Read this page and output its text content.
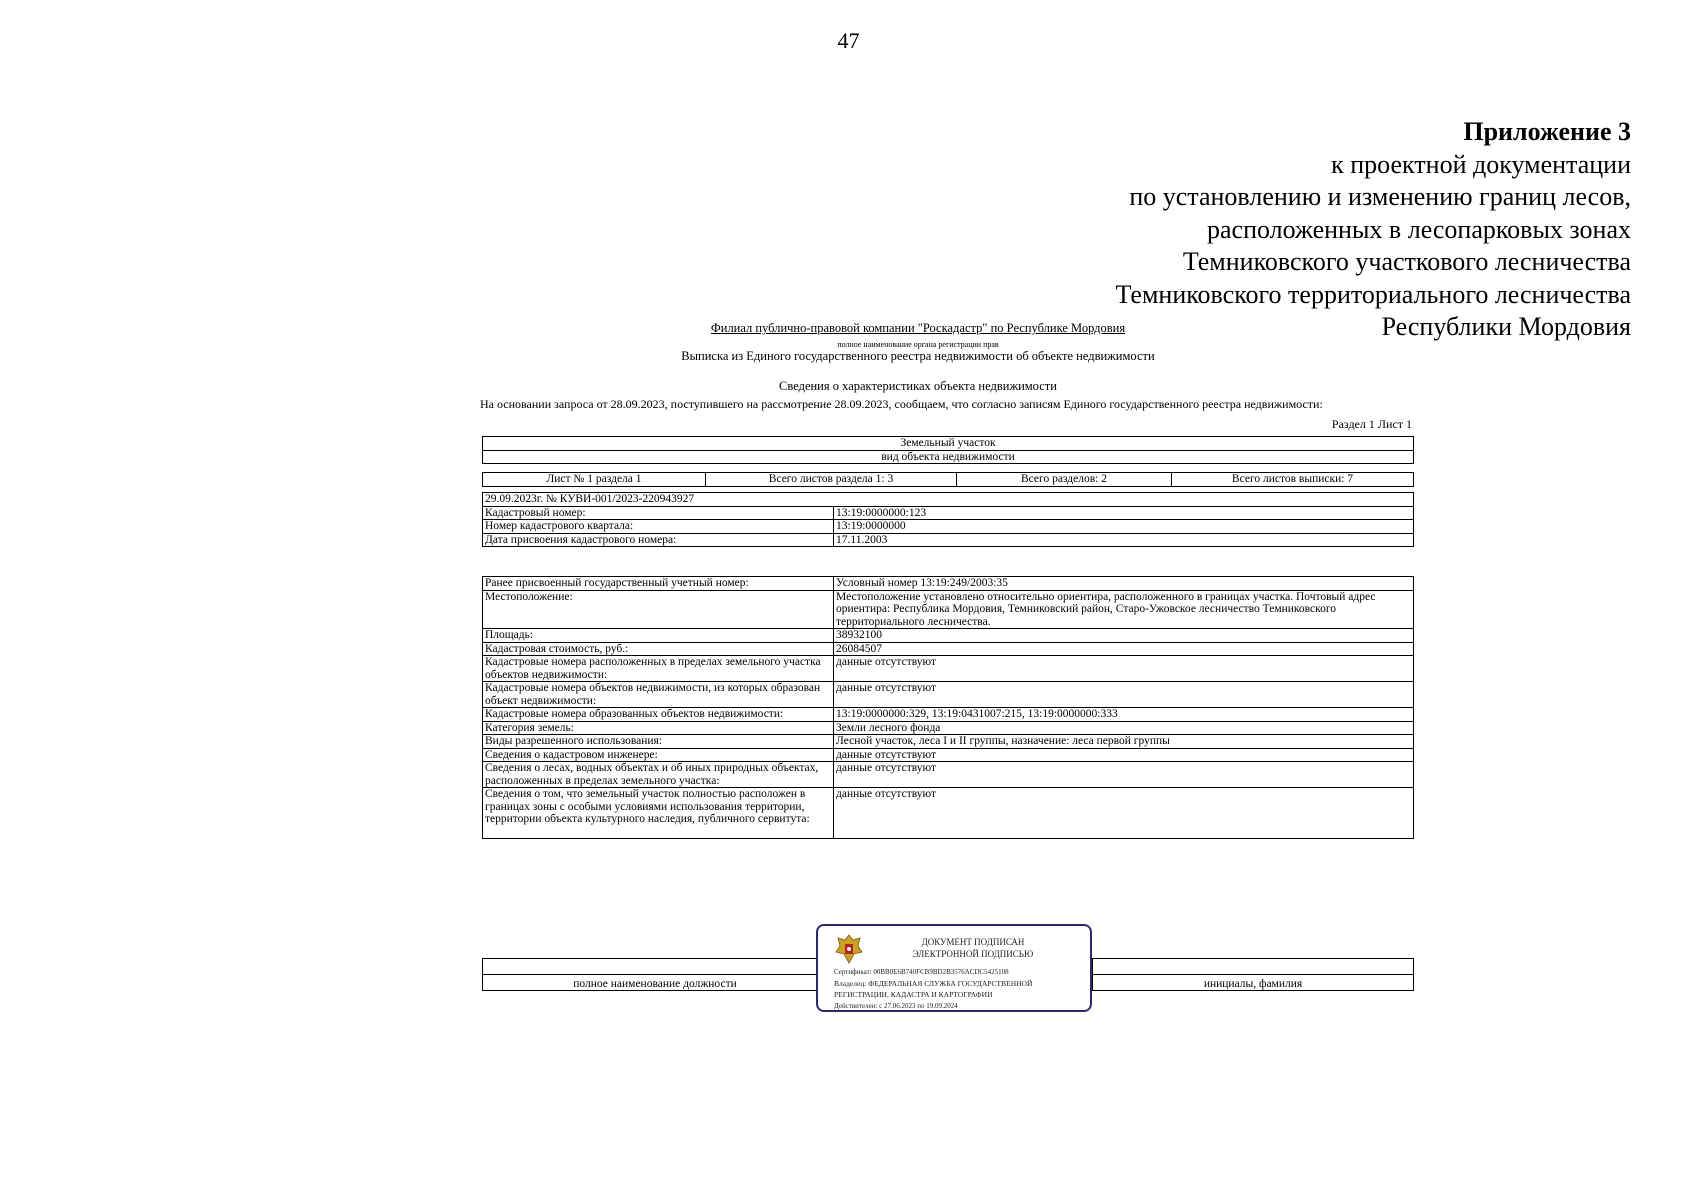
47
Приложение 3
к проектной документации
по установлению и изменению границ лесов,
расположенных в лесопарковых зонах
Темниковского участкового лесничества
Темниковского территориального лесничества
Республики Мордовия
Филиал публично-правовой компании "Роскадастр" по Республике Мордовия
полное наименование органа регистрации прав
Выписка из Единого государственного реестра недвижимости об объекте недвижимости
Сведения о характеристиках объекта недвижимости
На основании запроса от 28.09.2023, поступившего на рассмотрение 28.09.2023, сообщаем, что согласно записям Единого государственного реестра недвижимости:
Раздел 1 Лист 1
Земельный участок
вид объекта недвижимости
Лист № 1 раздела 1	Всего листов раздела 1: 3	Всего разделов: 2	Всего листов выписки: 7
29.09.2023г. № КУВИ-001/2023-220943927	
Кадастровый номер:	13:19:0000000:123
Номер кадастрового квартала:	13:19:0000000
Дата присвоения кадастрового номера:	17.11.2003
Ранее присвоенный государственный учетный номер:	Условный номер 13:19:249/2003:35
Местоположение:	Местоположение установлено относительно ориентира, расположенного в границах участка. Почтовый адрес ориентира: Республика Мордовия, Темниковский район, Старо-Ужовское лесничество Темниковского территориального лесничества.
Площадь:	38932100
Кадастровая стоимость, руб.:	26084507
Кадастровые номера расположенных в пределах земельного участка объектов недвижимости:	данные отсутствуют
Кадастровые номера объектов недвижимости, из которых образован объект недвижимости:	данные отсутствуют
Кадастровые номера образованных объектов недвижимости:	13:19:0000000:329, 13:19:0431007:215, 13:19:0000000:333
Категория земель:	Земли лесного фонда
Виды разрешенного использования:	Лесной участок, леса I и II группы, назначение: леса первой группы
Сведения о кадастровом инженере:	данные отсутствуют
Сведения о лесах, водных объектах и об иных природных объектах, расположенных в пределах земельного участка:	данные отсутствуют
Сведения о том, что земельный участок полностью расположен в границах зоны с особыми условиями использования территории, территории объекта культурного наследия, публичного сервитута:	данные отсутствуют

полное наименование должности		инициалы, фамилия
ДОКУМЕНТ ПОДПИСАН
ЭЛЕКТРОННОЙ ПОДПИСЬЮ
Сертификат: 00BB0E6B740FCB9BD2B3576ACDC5425108
Владелец: ФЕДЕРАЛЬНАЯ СЛУЖБА ГОСУДАРСТВЕННОЙ РЕГИСТРАЦИИ, КАДАСТРА И КАРТОГРАФИИ
Действителен: с 27.06.2023 по 19.09.2024
